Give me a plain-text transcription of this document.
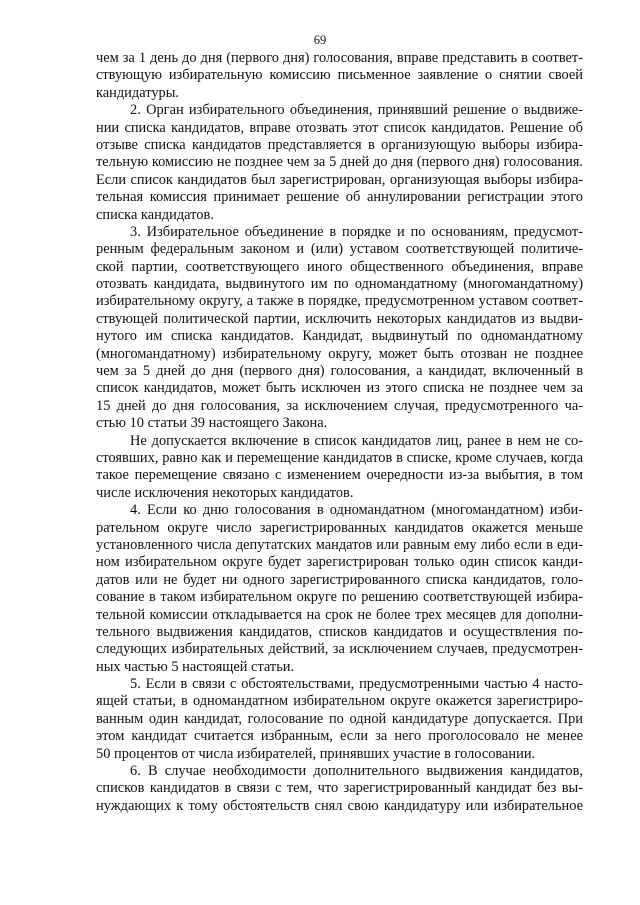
69
чем за 1 день до дня (первого дня) голосования, вправе представить в соответ-
ствующую избирательную комиссию письменное заявление о снятии своей
кандидатуры.
2. Орган избирательного объединения, принявший решение о выдвиже-
нии списка кандидатов, вправе отозвать этот список кандидатов. Решение об
отзыве списка кандидатов представляется в организующую выборы избира-
тельную комиссию не позднее чем за 5 дней до дня (первого дня) голосования.
Если список кандидатов был зарегистрирован, организующая выборы избира-
тельная комиссия принимает решение об аннулировании регистрации этого
списка кандидатов.
3. Избирательное объединение в порядке и по основаниям, предусмот-
ренным федеральным законом и (или) уставом соответствующей политиче-
ской партии, соответствующего иного общественного объединения, вправе
отозвать кандидата, выдвинутого им по одномандатному (многомандатному)
избирательному округу, а также в порядке, предусмотренном уставом соответ-
ствующей политической партии, исключить некоторых кандидатов из выдви-
нутого им списка кандидатов. Кандидат, выдвинутый по одномандатному
(многомандатному) избирательному округу, может быть отозван не позднее
чем за 5 дней до дня (первого дня) голосования, а кандидат, включенный в
список кандидатов, может быть исключен из этого списка не позднее чем за
15 дней до дня голосования, за исключением случая, предусмотренного ча-
стью 10 статьи 39 настоящего Закона.
Не допускается включение в список кандидатов лиц, ранее в нем не со-
стоявших, равно как и перемещение кандидатов в списке, кроме случаев, когда
такое перемещение связано с изменением очередности из-за выбытия, в том
числе исключения некоторых кандидатов.
4. Если ко дню голосования в одномандатном (многомандатном) изби-
рательном округе число зарегистрированных кандидатов окажется меньше
установленного числа депутатских мандатов или равным ему либо если в еди-
ном избирательном округе будет зарегистрирован только один список канди-
датов или не будет ни одного зарегистрированного списка кандидатов, голо-
сование в таком избирательном округе по решению соответствующей избира-
тельной комиссии откладывается на срок не более трех месяцев для дополни-
тельного выдвижения кандидатов, списков кандидатов и осуществления по-
следующих избирательных действий, за исключением случаев, предусмотрен-
ных частью 5 настоящей статьи.
5. Если в связи с обстоятельствами, предусмотренными частью 4 насто-
ящей статьи, в одномандатном избирательном округе окажется зарегистриро-
ванным один кандидат, голосование по одной кандидатуре допускается. При
этом кандидат считается избранным, если за него проголосовало не менее
50 процентов от числа избирателей, принявших участие в голосовании.
6. В случае необходимости дополнительного выдвижения кандидатов,
списков кандидатов в связи с тем, что зарегистрированный кандидат без вы-
нуждающих к тому обстоятельств снял свою кандидатуру или избирательное
